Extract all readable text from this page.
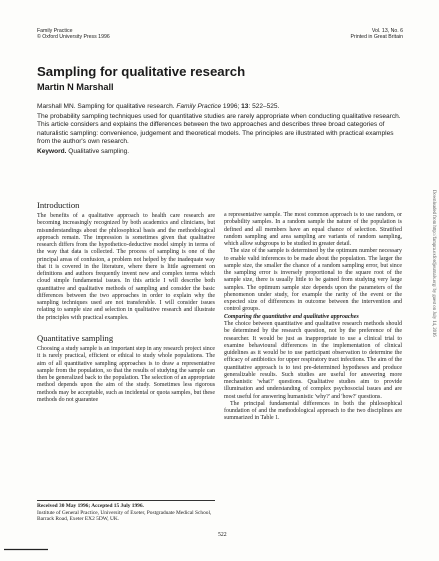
Family Practice
© Oxford University Press 1996
Vol. 13, No. 6
Printed in Great Britain
Sampling for qualitative research
Martin N Marshall

Marshall MN. Sampling for qualitative research. Family Practice 1996; 13: 522–525.

The probability sampling techniques used for quantitative studies are rarely appropriate when conducting qualitative research. This article considers and explains the differences between the two approaches and describes three broad categories of naturalistic sampling: convenience, judgement and theoretical models. The principles are illustrated with practical examples from the author's own research.

Keyword. Qualitative sampling.

Introduction

The benefits of a qualitative approach to health care research are becoming increasingly recognized by both academics and clinicians, but misunderstandings about the philosophical basis and the methodological approach remain. The impression is sometimes given that qualitative research differs from the hypothetico-deductive model simply in terms of the way that data is collected. The process of sampling is one of the principal areas of confusion, a problem not helped by the inadequate way that it is covered in the literature, where there is little agreement on definitions and authors frequently invent new and complex terms which cloud simple fundamental issues. In this article I will describe both quantitative and qualitative methods of sampling and consider the basic differences between the two approaches in order to explain why the sampling techniques used are not transferable. I will consider issues relating to sample size and selection in qualitative research and illustrate the principles with practical examples.

Quantitative sampling

Choosing a study sample is an important step in any research project since it is rarely practical, efficient or ethical to study whole populations. The aim of all quantitative sampling approaches is to draw a representative sample from the population, so that the results of studying the sample can then be generalized back to the population. The selection of an appropriate method depends upon the aim of the study. Sometimes less rigorous methods may be acceptable, such as incidental or quota samples, but these methods do not guarantee

a representative sample. The most common approach is to use random, or probability samples. In a random sample the nature of the population is defined and all members have an equal chance of selection. Stratified random sampling and area sampling are variants of random sampling, which allow subgroups to be studied in greater detail.

The size of the sample is determined by the optimum number necessary to enable valid inferences to be made about the population. The larger the sample size, the smaller the chance of a random sampling error, but since the sampling error is inversely proportional to the square root of the sample size, there is usually little to be gained from studying very large samples. The optimum sample size depends upon the parameters of the phenomenon under study, for example the rarity of the event or the expected size of differences in outcome between the intervention and control groups.

Comparing the quantitative and qualitative approaches

The choice between quantitative and qualitative research methods should be determined by the research question, not by the preference of the researcher. It would be just as inappropriate to use a clinical trial to examine behavioural differences in the implementation of clinical guidelines as it would be to use participant observation to determine the efficacy of antibiotics for upper respiratory tract infections. The aim of the quantitative approach is to test pre-determined hypotheses and produce generalizable results. Such studies are useful for answering more mechanistic 'what?' questions. Qualitative studies aim to provide illumination and understanding of complex psychosocial issues and are most useful for answering humanistic 'why?' and 'how?' questions.

The principal fundamental differences in both the philosophical foundation of and the methodological approach to the two disciplines are summarized in Table 1.

Received 30 May 1996; Accepted 15 July 1996.
Institute of General Practice, University of Exeter, Postgraduate Medical School, Barrack Road, Exeter EX2 5DW, UK.
522
Downloaded from http://fampra.oxfordjournals.org/ by guest on July 14, 2016
